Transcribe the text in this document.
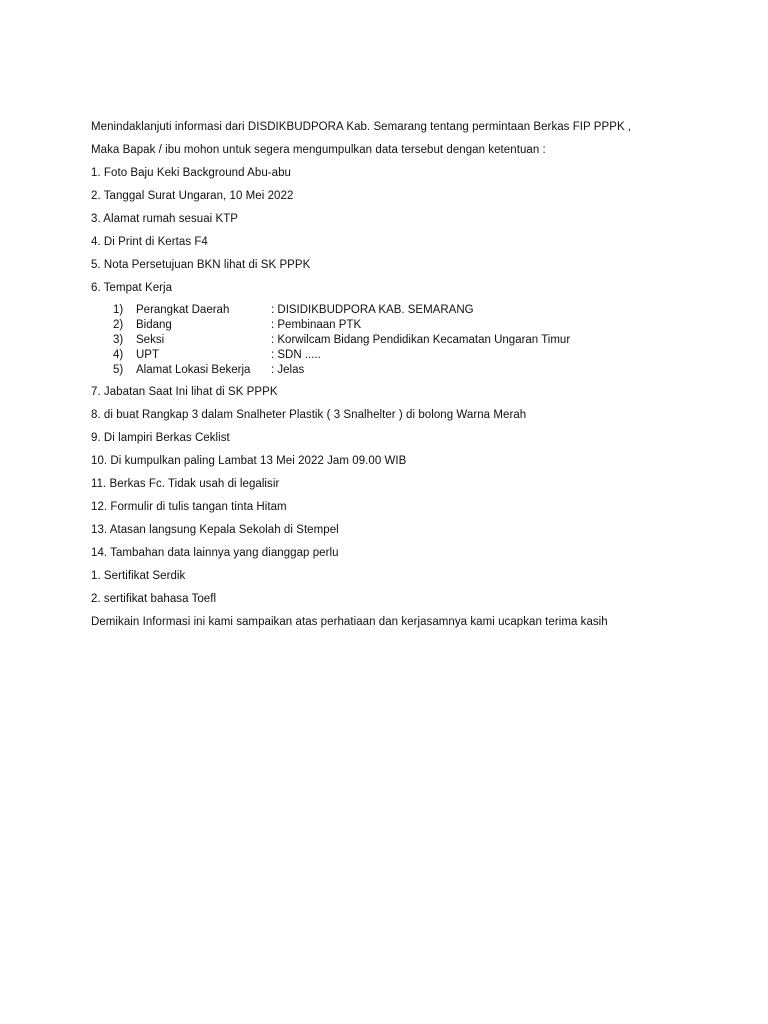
Menindaklanjuti informasi dari DISDIKBUDPORA Kab. Semarang tentang permintaan Berkas FIP PPPK ,
Maka Bapak / ibu mohon untuk segera mengumpulkan data tersebut dengan ketentuan :
1. Foto Baju Keki Background Abu-abu
2. Tanggal Surat Ungaran, 10 Mei 2022
3. Alamat rumah sesuai KTP
4. Di Print di Kertas F4
5. Nota Persetujuan BKN lihat di SK PPPK
6. Tempat Kerja
1) Perangkat Daerah	: DISIDIKBUDPORA KAB. SEMARANG
2) Bidang	: Pembinaan PTK
3) Seksi	: Korwilcam Bidang Pendidikan Kecamatan Ungaran Timur
4) UPT	: SDN .....
5) Alamat Lokasi Bekerja : Jelas
7. Jabatan Saat Ini lihat di SK PPPK
8. di buat Rangkap 3 dalam Snalheter Plastik ( 3 Snalhelter ) di bolong Warna Merah
9. Di lampiri Berkas Ceklist
10. Di kumpulkan paling Lambat 13 Mei 2022 Jam 09.00 WIB
11. Berkas Fc. Tidak usah di legalisir
12. Formulir di tulis tangan tinta Hitam
13. Atasan langsung Kepala Sekolah di Stempel
14. Tambahan data lainnya yang dianggap perlu
1. Sertifikat Serdik
2. sertifikat bahasa Toefl
Demikain Informasi ini kami sampaikan atas perhatiaan dan kerjasamnya kami ucapkan terima kasih
